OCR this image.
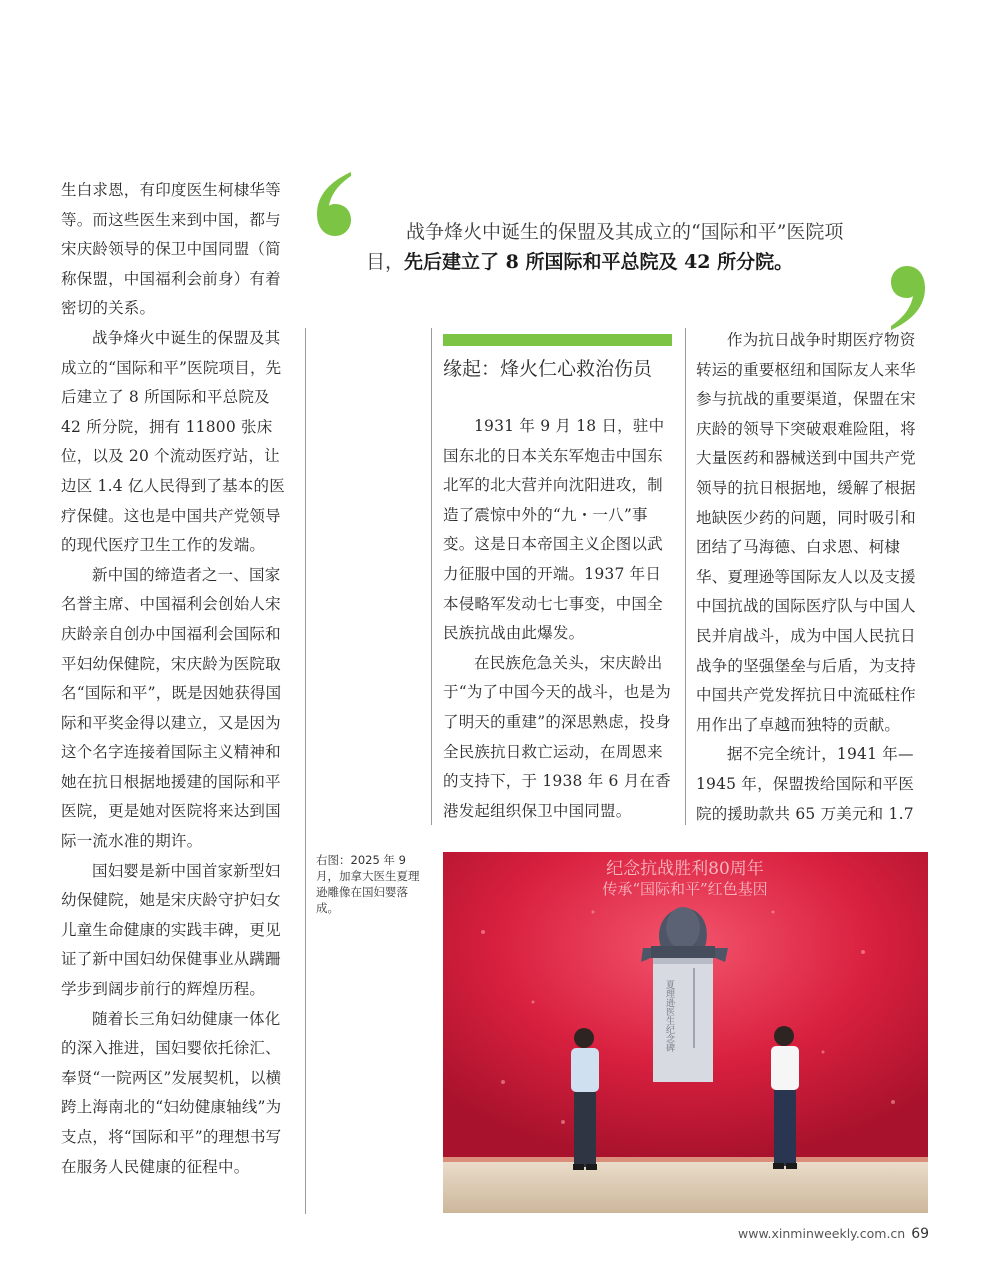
战争烽火中诞生的保盟及其成立的“国际和平”医院项
目，先后建立了 8 所国际和平总院及 42 所分院。

生白求恩，有印度医生柯棣华等等。而这些医生来到中国，都与宋庆龄领导的保卫中国同盟（简称保盟，中国福利会前身）有着密切的关系。

战争烽火中诞生的保盟及其成立的“国际和平”医院项目，先后建立了 8 所国际和平总院及 42 所分院，拥有 11800 张床位，以及 20 个流动医疗站，让边区 1.4 亿人民得到了基本的医疗保健。这也是中国共产党领导的现代医疗卫生工作的发端。

新中国的缔造者之一、国家名誉主席、中国福利会创始人宋庆龄亲自创办中国福利会国际和平妇幼保健院，宋庆龄为医院取名“国际和平”，既是因她获得国际和平奖金得以建立，又是因为这个名字连接着国际主义精神和她在抗日根据地援建的国际和平医院，更是她对医院将来达到国际一流水准的期许。

国妇婴是新中国首家新型妇幼保健院，她是宋庆龄守护妇女儿童生命健康的实践丰碑，更见证了新中国妇幼保健事业从蹒跚学步到阔步前行的辉煌历程。

随着长三角妇幼健康一体化的深入推进，国妇婴依托徐汇、奉贤“一院两区”发展契机，以横跨上海南北的“妇幼健康轴线”为支点，将“国际和平”的理想书写在服务人民健康的征程中。

缘起：烽火仁心救治伤员

1931 年 9 月 18 日，驻中国东北的日本关东军炮击中国东北军的北大营并向沈阳进攻，制造了震惊中外的“九・一八”事变。这是日本帝国主义企图以武力征服中国的开端。1937 年日本侵略军发动七七事变，中国全民族抗战由此爆发。

在民族危急关头，宋庆龄出于“为了中国今天的战斗，也是为了明天的重建”的深思熟虑，投身全民族抗日救亡运动，在周恩来的支持下，于 1938 年 6 月在香港发起组织保卫中国同盟。

作为抗日战争时期医疗物资转运的重要枢纽和国际友人来华参与抗战的重要渠道，保盟在宋庆龄的领导下突破艰难险阻，将大量医药和器械送到中国共产党领导的抗日根据地，缓解了根据地缺医少药的问题，同时吸引和团结了马海德、白求恩、柯棣华、夏理逊等国际友人以及支援中国抗战的国际医疗队与中国人民并肩战斗，成为中国人民抗日战争的坚强堡垒与后盾，为支持中国共产党发挥抗日中流砥柱作用作出了卓越而独特的贡献。

据不完全统计，1941 年—1945 年，保盟拨给国际和平医院的援助款共 65 万美元和 1.7

右图：2025 年 9 月，加拿大医生夏理逊雕像在国妇婴落成。
纪念抗战胜利80周年
传承“国际和平”红色基因
夏理逊医生纪念碑
www.xinminweekly.com.cn 69
